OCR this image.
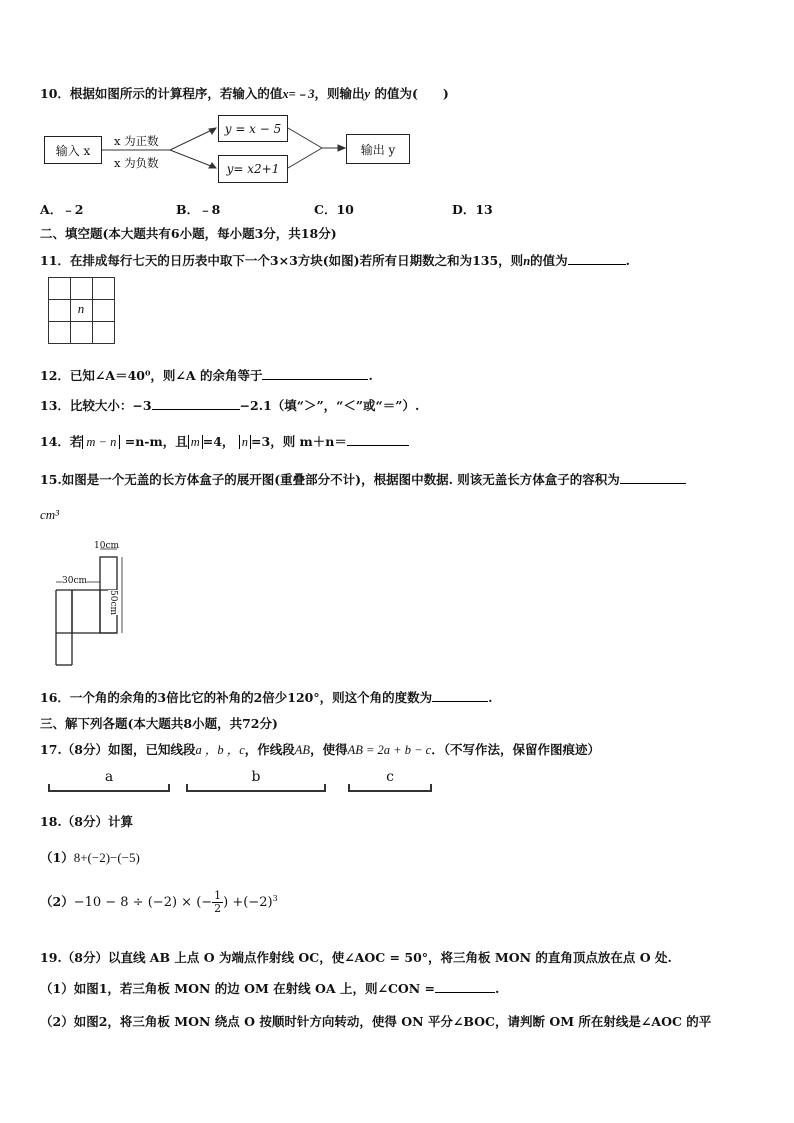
10．根据如图所示的计算程序，若输入的值x=﹣3，则输出y 的值为(　　)
输入 x
y = x − 5
y= x2+1
输出 y
x 为正数
x 为负数
A．﹣2	B．﹣8	C．10	D．13
二、填空题(本大题共有6小题，每小题3分，共18分)
11．在排成每行七天的日历表中取下一个3×3方块(如图)若所有日期数之和为135，则n的值为	.
n
12．已知∠A＝40⁰，则∠A 的余角等于	.
13．比较大小：−3	−2.1（填“＞”，“＜”或“＝”）.
14．若 m − n =n-m，且 m =4， n =3，则 m＋n＝
15.如图是一个无盖的长方体盒子的展开图(重叠部分不计)，根据图中数据. 则该无盖长方体盒子的容积为
cm³
10cm
30cm
50cm
16．一个角的余角的3倍比它的补角的2倍少120°，则这个角的度数为	.
三、解下列各题(本大题共8小题，共72分)
17.（8分）如图，已知线段a ，b ，c，作线段AB，使得AB = 2a + b − c．（不写作法，保留作图痕迹）
a	b	c
18.（8分）计算
（1）8+(−2)−(−5)
（2）−10 − 8 ÷ (−2) × (− $\frac{1}{2}$ ) $+(-2)^3$
19.（8分）以直线 AB 上点 O 为端点作射线 OC，使∠AOC = 50°，将三角板 MON 的直角顶点放在点 O 处.
（1）如图1，若三角板 MON 的边 OM 在射线 OA 上，则∠CON =	.
（2）如图2，将三角板 MON 绕点 O 按顺时针方向转动，使得 ON 平分∠BOC，请判断 OM 所在射线是∠AOC 的平
